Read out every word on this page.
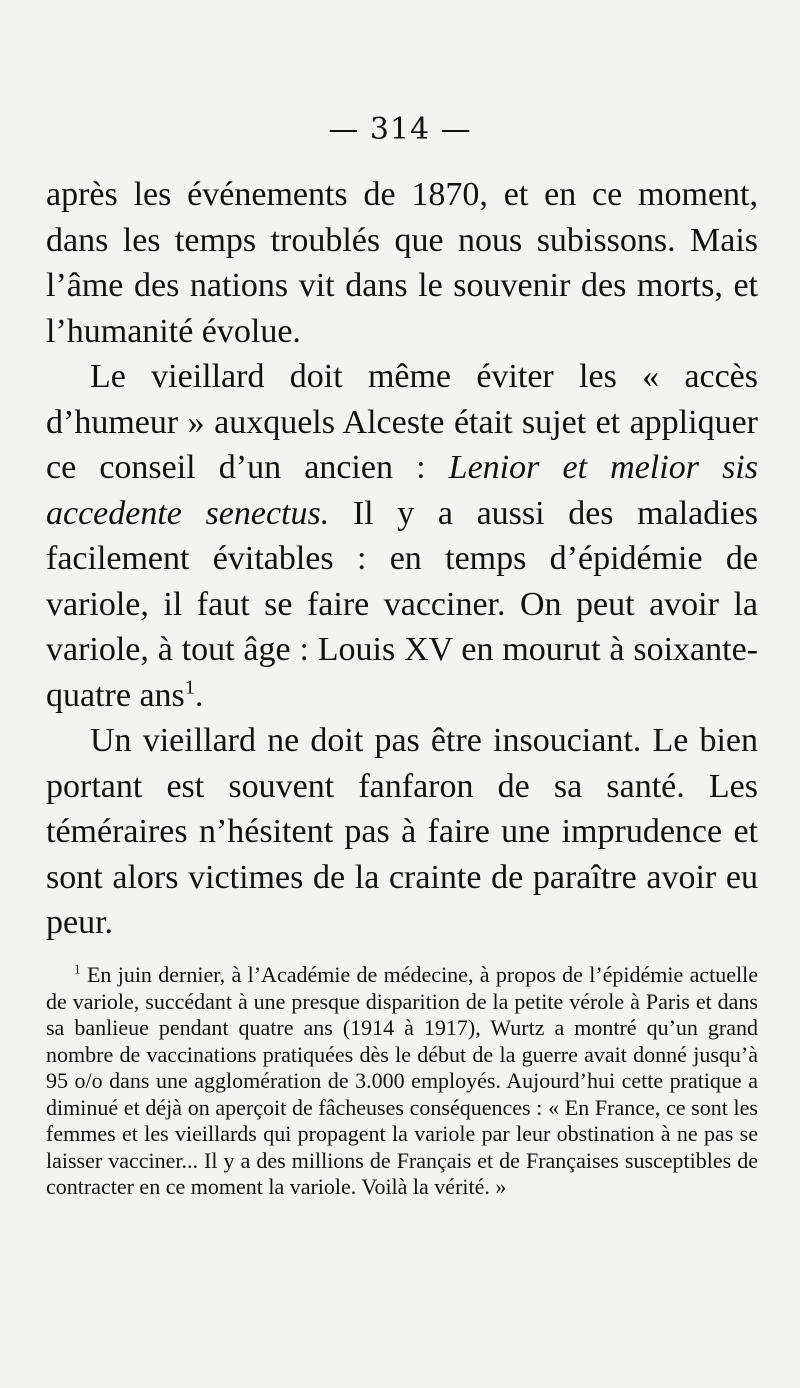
— 314 —

après les événements de 1870, et en ce moment, dans les temps troublés que nous subissons. Mais l’âme des nations vit dans le souvenir des morts, et l’humanité évolue.

Le vieillard doit même éviter les « accès d’humeur » auxquels Alceste était sujet et appliquer ce conseil d’un ancien : Lenior et melior sis accedente senectus. Il y a aussi des maladies facilement évitables : en temps d’épidémie de variole, il faut se faire vacciner. On peut avoir la variole, à tout âge : Louis XV en mourut à soixante-quatre ans$^1$.

Un vieillard ne doit pas être insouciant. Le bien portant est souvent fanfaron de sa santé. Les téméraires n’hésitent pas à faire une imprudence et sont alors victimes de la crainte de paraître avoir eu peur.

$^1$ En juin dernier, à l’Académie de médecine, à propos de l’épidémie actuelle de variole, succédant à une presque disparition de la petite vérole à Paris et dans sa banlieue pendant quatre ans (1914 à 1917), Wurtz a montré qu’un grand nombre de vaccinations pratiquées dès le début de la guerre avait donné jusqu’à 95 o/o dans une agglomération de 3.000 employés. Aujourd’hui cette pratique a diminué et déjà on aperçoit de fâcheuses conséquences : « En France, ce sont les femmes et les vieillards qui propagent la variole par leur obstination à ne pas se laisser vacciner... Il y a des millions de Français et de Françaises susceptibles de contracter en ce moment la variole. Voilà la vérité. »
